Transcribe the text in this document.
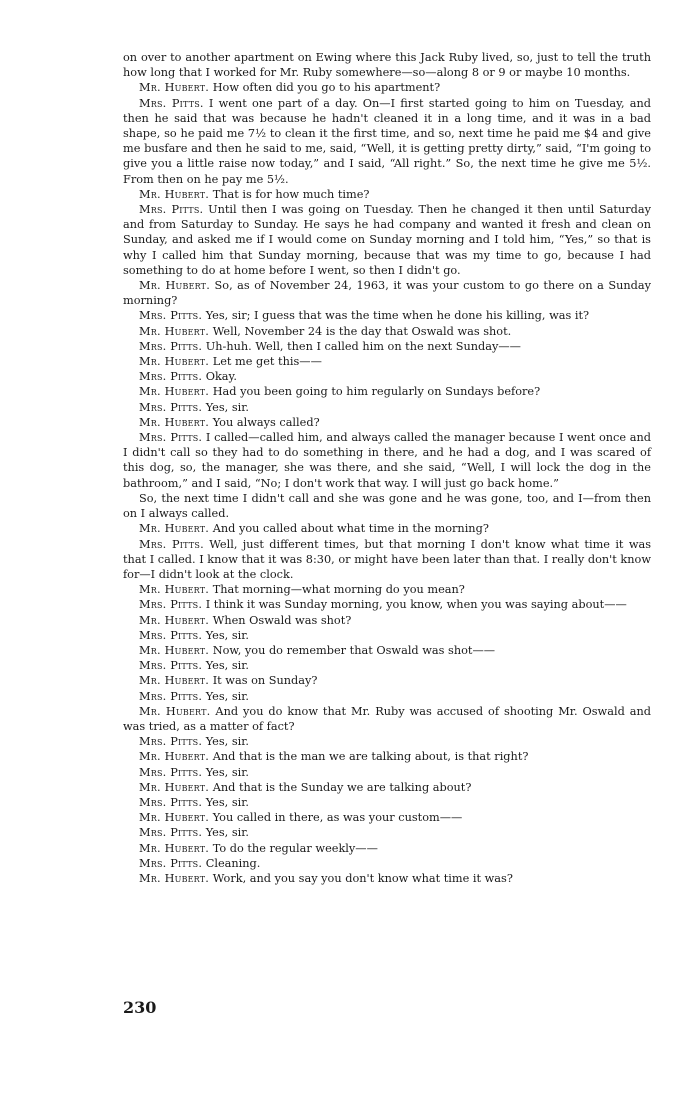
on over to another apartment on Ewing where this Jack Ruby lived, so, just to tell the truth how long that I worked for Mr. Ruby somewhere—so—along 8 or 9 or maybe 10 months.

Mr. Hubert. How often did you go to his apartment?

Mrs. Pitts. I went one part of a day. On—I first started going to him on Tuesday, and then he said that was because he hadn't cleaned it in a long time, and it was in a bad shape, so he paid me 7½ to clean it the first time, and so, next time he paid me $4 and give me busfare and then he said to me, said, “Well, it is getting pretty dirty,” said, “I'm going to give you a little raise now today,” and I said, “All right.” So, the next time he give me 5½. From then on he pay me 5½.

Mr. Hubert. That is for how much time?

Mrs. Pitts. Until then I was going on Tuesday. Then he changed it then until Saturday and from Saturday to Sunday. He says he had company and wanted it fresh and clean on Sunday, and asked me if I would come on Sunday morning and I told him, “Yes,” so that is why I called him that Sunday morning, because that was my time to go, because I had something to do at home before I went, so then I didn't go.

Mr. Hubert. So, as of November 24, 1963, it was your custom to go there on a Sunday morning?

Mrs. Pitts. Yes, sir; I guess that was the time when he done his killing, was it?

Mr. Hubert. Well, November 24 is the day that Oswald was shot.

Mrs. Pitts. Uh-huh. Well, then I called him on the next Sunday——

Mr. Hubert. Let me get this——

Mrs. Pitts. Okay.

Mr. Hubert. Had you been going to him regularly on Sundays before?

Mrs. Pitts. Yes, sir.

Mr. Hubert. You always called?

Mrs. Pitts. I called—called him, and always called the manager because I went once and I didn't call so they had to do something in there, and he had a dog, and I was scared of this dog, so, the manager, she was there, and she said, “Well, I will lock the dog in the bathroom,” and I said, “No; I don't work that way. I will just go back home.”

So, the next time I didn't call and she was gone and he was gone, too, and I—from then on I always called.

Mr. Hubert. And you called about what time in the morning?

Mrs. Pitts. Well, just different times, but that morning I don't know what time it was that I called. I know that it was 8:30, or might have been later than that. I really don't know for—I didn't look at the clock.

Mr. Hubert. That morning—what morning do you mean?

Mrs. Pitts. I think it was Sunday morning, you know, when you was saying about——

Mr. Hubert. When Oswald was shot?

Mrs. Pitts. Yes, sir.

Mr. Hubert. Now, you do remember that Oswald was shot——

Mrs. Pitts. Yes, sir.

Mr. Hubert. It was on Sunday?

Mrs. Pitts. Yes, sir.

Mr. Hubert. And you do know that Mr. Ruby was accused of shooting Mr. Oswald and was tried, as a matter of fact?

Mrs. Pitts. Yes, sir.

Mr. Hubert. And that is the man we are talking about, is that right?

Mrs. Pitts. Yes, sir.

Mr. Hubert. And that is the Sunday we are talking about?

Mrs. Pitts. Yes, sir.

Mr. Hubert. You called in there, as was your custom——

Mrs. Pitts. Yes, sir.

Mr. Hubert. To do the regular weekly——

Mrs. Pitts. Cleaning.

Mr. Hubert. Work, and you say you don't know what time it was?

230
